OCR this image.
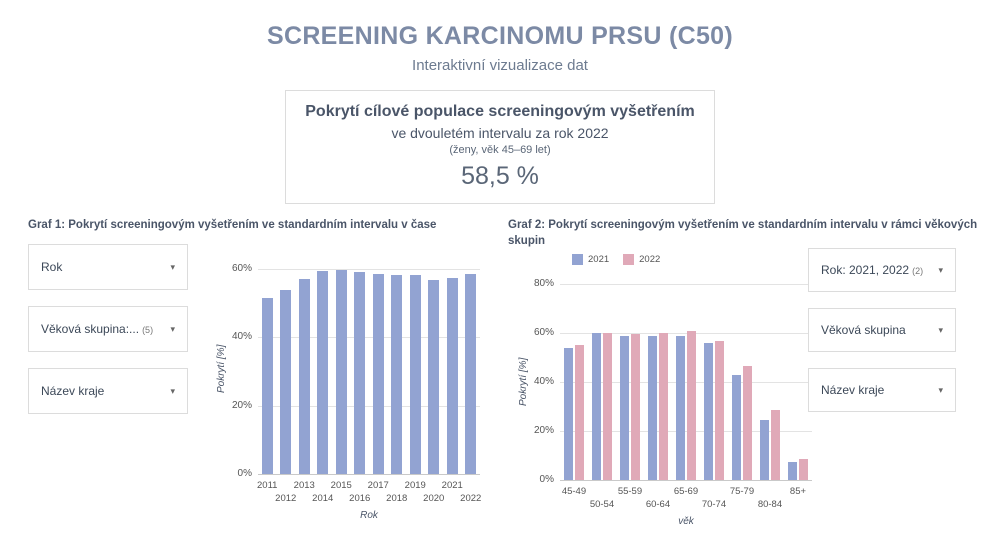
SCREENING KARCINOMU PRSU (C50)
Interaktivní vizualizace dat
Pokrytí cílové populace screeningovým vyšetřením
ve dvouletém intervalu za rok 2022
(ženy, věk 45–69 let)
58,5 %
Graf 1: Pokrytí screeningovým vyšetřením ve standardním intervalu v čase
Rok	▾
Věková skupina:... (5) ▾
Název kraje	▾	Pokrytí [%]
0%
20%
40%
60%
2011
2012
2013
2014
2015
2016
2017
2018
2019
2020
2021
2022
Rok
Graf 2: Pokrytí screeningovým vyšetřením ve standardním intervalu v rámci věkových skupin
Pokrytí [%]
0%
20%
40%
60%
80%
45-49
50-54
55-59
60-64
65-69
70-74
75-79
80-84
85+
věk
2021	2022
Rok: 2021, 2022 (2) ▾
Věková skupina	▾
Název kraje	▾
